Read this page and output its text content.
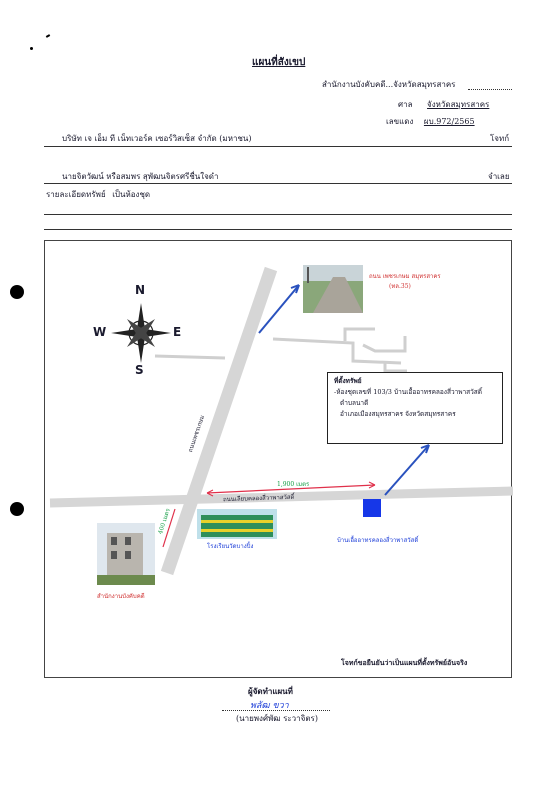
แผนที่สังเขป
สำนักงานบังคับคดี...จังหวัดสมุทรสาคร
ศาล จังหวัดสมุทรสาคร
เลขแดง ผบ.972/2565
บริษัท เจ เอ็ม ที เน็ทเวอร์ค เซอร์วิสเซ็ส จำกัด (มหาชน)	โจทก์
นายจิตวัฒน์ หรือสมพร สุพัฒนจิตรศรีชื่นใจดำ	จำเลย
รายละเอียดทรัพย์ เป็นห้องชุด
N
S
W	E
ถนน เพชรเกษม สมุทรสาคร
(ทล.35)
ถนนเพชรเกษม
ถนนเลียบคลองสี่วาพาสวัสดิ์
1,900 เมตร
400 เมตร
โรงเรียนวัดบางปิ้ง
สำนักงานบังคับคดี
บ้านเอื้ออาทรคลองสี่วาพาสวัสดิ์
ที่ตั้งทรัพย์
-ห้องชุดเลขที่ 103/3 บ้านเอื้ออาทรคลองสี่วาพาสวัสดิ์
ตำบลนาดี
อำเภอเมืองสมุทรสาคร จังหวัดสมุทรสาคร
โจทก์ขอยืนยันว่าเป็นแผนที่ตั้งทรัพย์อันจริง
ผู้จัดทำแผนที่
พลัฒ ขวา
(นายพงศ์พัฒ ระวาจิตร)
